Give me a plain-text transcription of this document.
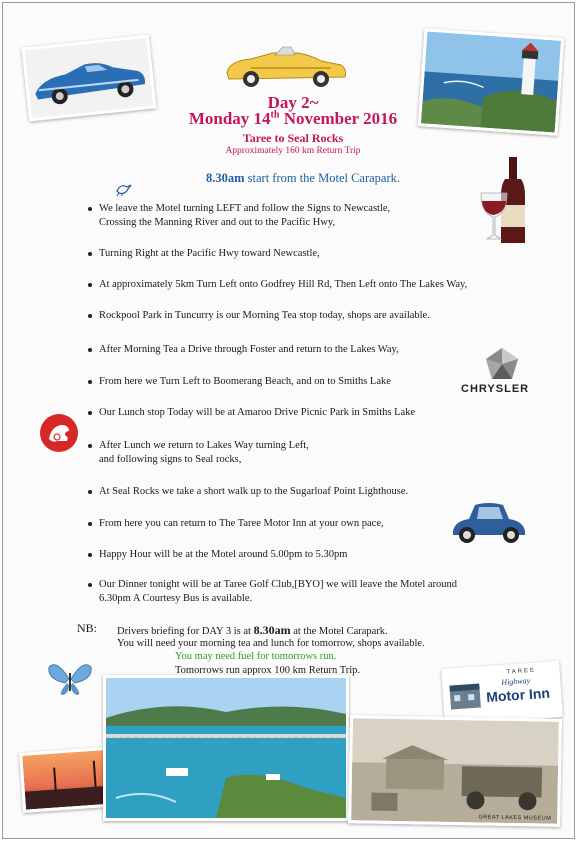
Day 2~
Monday 14th November 2016
Taree to Seal Rocks
Approximately 160 km Return Trip
8.30am start from the Motel Carapark.
We leave the Motel turning LEFT and follow the Signs to Newcastle,
Crossing the Manning River and out to the Pacific Hwy,
Turning Right at the Pacific Hwy toward Newcastle,
At approximately 5km Turn Left onto Godfrey Hill Rd, Then Left onto The Lakes Way,
Rockpool Park in Tuncurry is our Morning Tea stop today, shops are available.
After Morning Tea a Drive through Foster and return to the Lakes Way,
From here we Turn Left to Boomerang Beach, and on to Smiths Lake
Our Lunch stop Today will be at Amaroo Drive Picnic Park in Smiths Lake
After Lunch we return to Lakes Way turning Left,
and following signs to Seal rocks,
At Seal Rocks we take a short walk up to the Sugarloaf Point Lighthouse.
From here you can return to The Taree Motor Inn at your own pace,
Happy Hour will be at the Motel around 5.00pm to 5.30pm
Our Dinner tonight will be at Taree Golf Club,[BYO] we will leave the Motel around
6.30pm A Courtesy Bus is available.
CHRYSLER
NB: Drivers briefing for DAY 3 is at 8.30am at the Motel Carapark.
You will need your morning tea and lunch for tomorrow, shops available.
You may need fuel for tomorrows run.
Tomorrows run approx 100 km Return Trip.	TAREE
Highway
Motor Inn
GREAT LAKES MUSEUM
